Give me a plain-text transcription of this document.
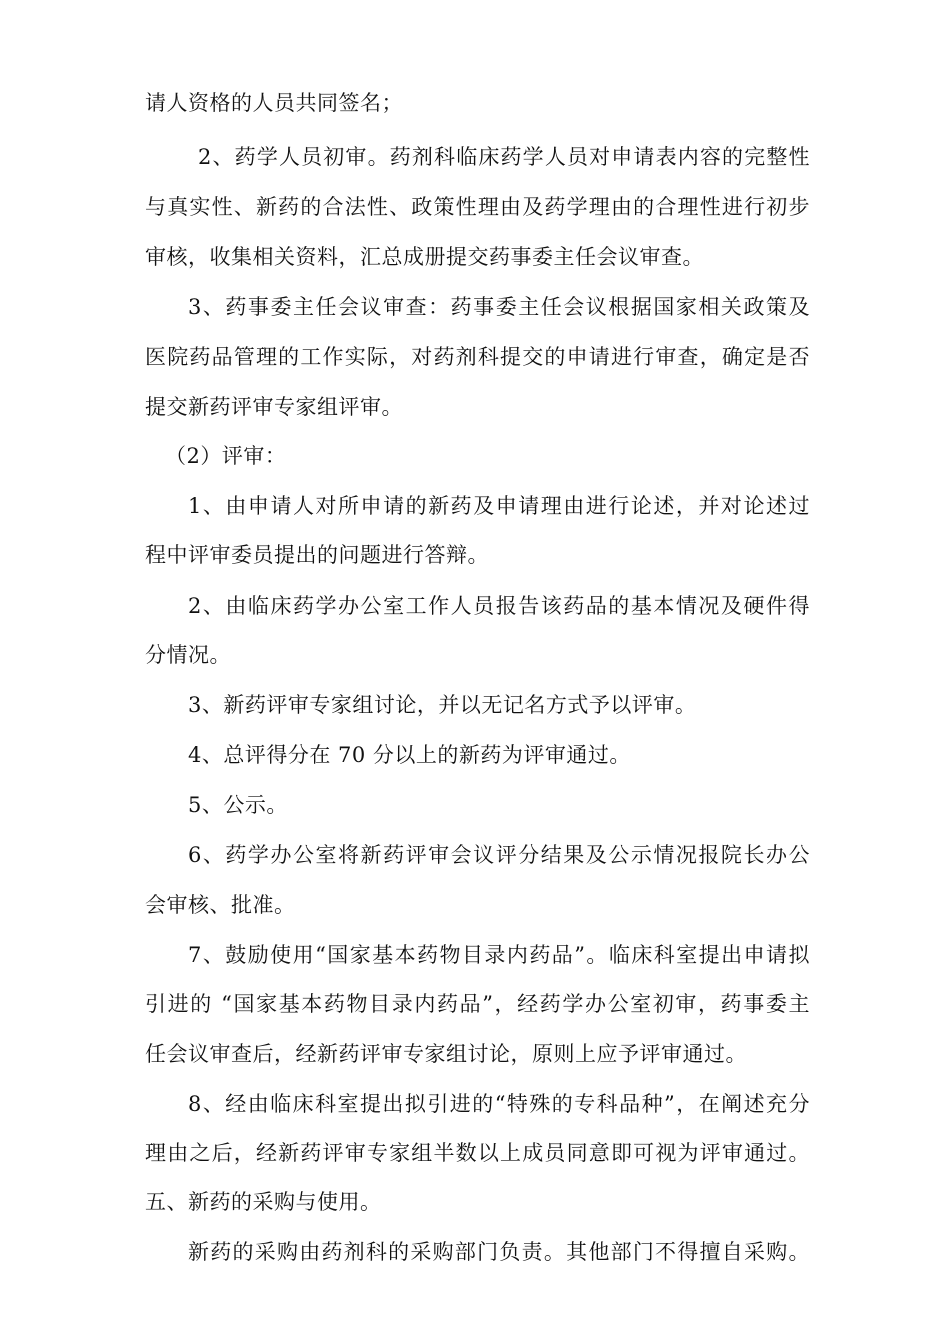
请人资格的人员共同签名；
2、药学人员初审。药剂科临床药学人员对申请表内容的完整性
与真实性、新药的合法性、政策性理由及药学理由的合理性进行初步
审核，收集相关资料，汇总成册提交药事委主任会议审查。
3、药事委主任会议审查：药事委主任会议根据国家相关政策及
医院药品管理的工作实际，对药剂科提交的申请进行审查，确定是否
提交新药评审专家组评审。
（2）评审：
1、由申请人对所申请的新药及申请理由进行论述，并对论述过
程中评审委员提出的问题进行答辩。
2、由临床药学办公室工作人员报告该药品的基本情况及硬件得
分情况。
3、新药评审专家组讨论，并以无记名方式予以评审。
4、总评得分在 70 分以上的新药为评审通过。
5、公示。
6、药学办公室将新药评审会议评分结果及公示情况报院长办公
会审核、批准。
7、鼓励使用“国家基本药物目录内药品”。临床科室提出申请拟
引进的 “国家基本药物目录内药品”，经药学办公室初审，药事委主
任会议审查后，经新药评审专家组讨论，原则上应予评审通过。
8、经由临床科室提出拟引进的“特殊的专科品种”，在阐述充分
理由之后，经新药评审专家组半数以上成员同意即可视为评审通过。
五、新药的采购与使用。
新药的采购由药剂科的采购部门负责。其他部门不得擅自采购。
